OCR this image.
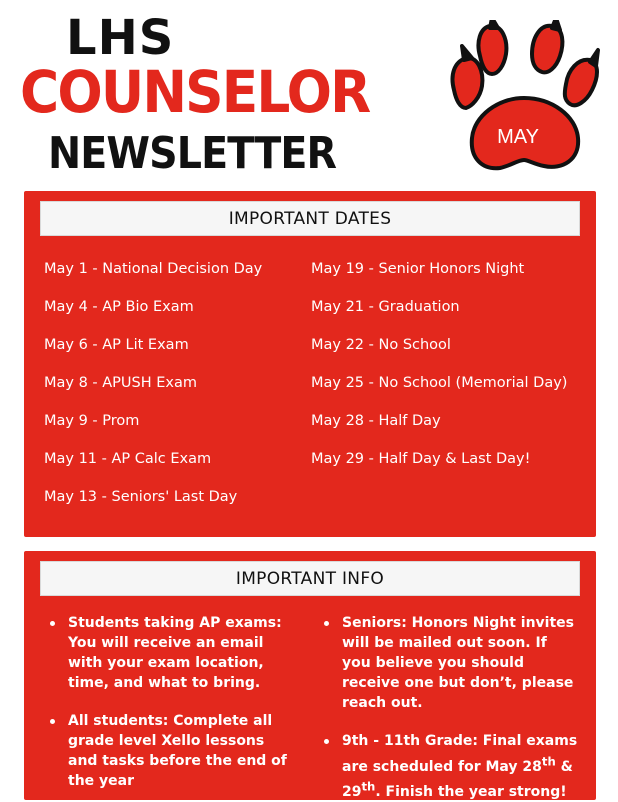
LHS
COUNSELOR
NEWSLETTER	MAY
IMPORTANT DATES
May 1 - National Decision Day
May 4 - AP Bio Exam
May 6 - AP Lit Exam
May 8 - APUSH Exam
May 9 - Prom
May 11 - AP Calc Exam
May 13 - Seniors' Last Day
May 19 - Senior Honors Night
May 21 - Graduation
May 22 - No School
May 25 - No School (Memorial Day)
May 28 - Half Day
May 29 - Half Day & Last Day!
IMPORTANT INFO
Students taking AP exams: You will receive an email with your exam location, time, and what to bring.
All students: Complete all grade level Xello lessons and tasks before the end of the year
Seniors: Honors Night invites will be mailed out soon. If you believe you should receive one but don’t, please reach out.
9th - 11th Grade: Final exams are scheduled for May 28th & 29th. Finish the year strong!
